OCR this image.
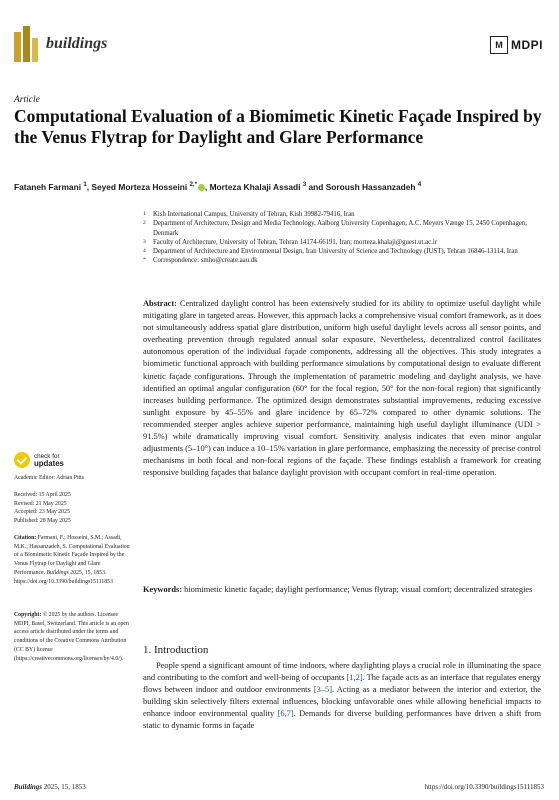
buildings	M MDPI
Article
Computational Evaluation of a Biomimetic Kinetic Façade Inspired by the Venus Flytrap for Daylight and Glare Performance
Fataneh Farmani $^1$, Seyed Morteza Hosseini $^{2,*}$ , Morteza Khalaji Assadi $^3$ and Soroush Hassanzadeh $^4$
1	Kish International Campus, University of Tehran, Kish 39982-79416, Iran
2	Department of Architecture, Design and Media Technology, Aalborg University Copenhagen, A.C. Meyers Vænge 15, 2450 Copenhagen, Denmark
3	Faculty of Architecture, University of Tehran, Tehran 14174-66191, Iran; morteza.khalaji@guest.ut.ac.ir
4	Department of Architecture and Environmental Design, Iran University of Science and Technology (IUST), Tehran 16846-13114, Iran
*	Correspondence: smho@create.aau.dk

Abstract: Centralized daylight control has been extensively studied for its ability to optimize useful daylight while mitigating glare in targeted areas. However, this approach lacks a comprehensive visual comfort framework, as it does not simultaneously address spatial glare distribution, uniform high useful daylight levels across all sensor points, and overheating prevention through regulated annual solar exposure. Nevertheless, decentralized control facilitates autonomous operation of the individual façade components, addressing all the objectives. This study integrates a biomimetic functional approach with building performance simulations by computational design to evaluate different kinetic façade configurations. Through the implementation of parametric modeling and daylight analysis, we have identified an optimal angular configuration (60° for the focal region, 50° for the non-focal region) that significantly increases building performance. The optimized design demonstrates substantial improvements, reducing excessive sunlight exposure by 45–55% and glare incidence by 65–72% compared to other dynamic solutions. The recommended steeper angles achieve superior performance, maintaining high useful daylight illuminance (UDI > 91.5%) while dramatically improving visual comfort. Sensitivity analysis indicates that even minor angular adjustments (5–10°) can induce a 10–15% variation in glare performance, emphasizing the necessity of precise control mechanisms in both focal and non-focal regions of the façade. These findings establish a framework for creating responsive building façades that balance daylight provision with occupant comfort in real-time operation.

Keywords: biomimetic kinetic façade; daylight performance; Venus flytrap; visual comfort; decentralized strategies

check for
updates
Academic Editor: Adrian Pitts
Received: 15 April 2025
Revised: 21 May 2025
Accepted: 23 May 2025
Published: 28 May 2025
Citation: Farmani, F.; Hosseini, S.M.; Assadi, M.K.; Hassanzadeh, S. Computational Evaluation of a Biomimetic Kinetic Façade Inspired by the Venus Flytrap for Daylight and Glare Performance. Buildings 2025, 15, 1853. https://doi.org/10.3390/buildings15111853
Copyright: © 2025 by the authors. Licensee MDPI, Basel, Switzerland. This article is an open access article distributed under the terms and conditions of the Creative Commons Attribution (CC BY) license (https://creativecommons.org/licenses/by/4.0/).
1. Introduction

People spend a significant amount of time indoors, where daylighting plays a crucial role in illuminating the space and contributing to the comfort and well-being of occupants [1,2]. The façade acts as an interface that regulates energy flows between indoor and outdoor environments [3–5]. Acting as a mediator between the interior and exterior, the building skin selectively filters external influences, blocking unfavorable ones while allowing beneficial impacts to enhance indoor environmental quality [6,7]. Demands for diverse building performances have driven a shift from static to dynamic forms in façade

Buildings 2025, 15, 1853	https://doi.org/10.3390/buildings15111853
